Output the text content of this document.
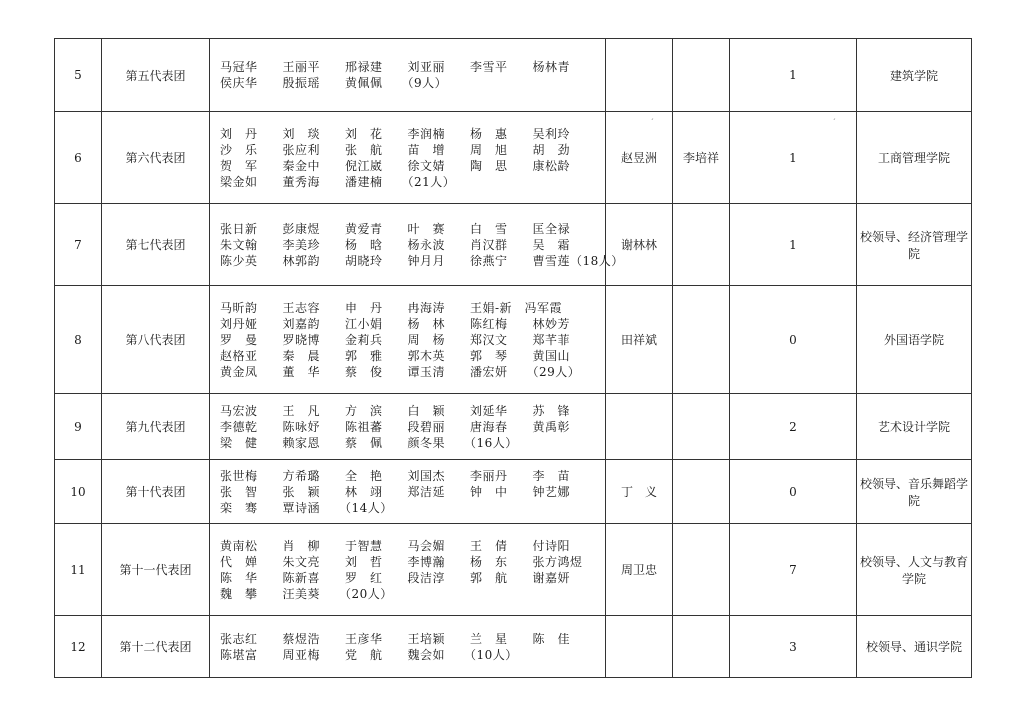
5	第五代表团	马冠华　　王丽平　　邢禄建　　刘亚丽　　李雪平　　杨林青
侯庆华　　殷振瑶　　黄佩佩　　（9人）			1	建筑学院
6	第六代表团	刘　丹　　刘　琰　　刘　花　　李润楠　　杨　惠　　吴利玲
沙　乐　　张应利　　张　航　　苗　增　　周　旭　　胡　劲
贺　军　　秦金中　　倪江崴　　徐文婧　　陶　思　　康松龄
梁金如　　董秀海　　潘建楠　　（21人）	赵昱洲	李培祥	1	工商管理学院
7	第七代表团	张日新　　彭康煜　　黄爱青　　叶　赛　　白　雪　　匡全禄
朱文翰　　李美珍　　杨　晗　　杨永波　　肖汉群　　吴　霜
陈少英　　林郭韵　　胡晓玲　　钟月月　　徐燕宁　　曹雪莲（18人）	谢林林		1	校领导、经济管理学院
8	第八代表团	马昕韵　　王志容　　申　丹　　冉海涛　　王娟-新　冯军霞
刘丹娅　　刘嘉韵　　江小娟　　杨　林　　陈红梅　　林妙芳
罗　曼　　罗晓博　　金莉兵　　周　杨　　郑汉文　　郑芊菲
赵格亚　　秦　晨　　郭　雅　　郭木英　　郭　琴　　黄国山
黄金凤　　董　华　　蔡　俊　　谭玉清　　潘宏妍　　（29人）	田祥斌		0	外国语学院
9	第九代表团	马宏波　　王　凡　　方　滨　　白　颖　　刘延华　　苏　锋
李德乾　　陈咏妤　　陈祖蕃　　段碧丽　　唐海春　　黄禹彰
梁　健　　赖家恩　　蔡　佩　　颜冬果　　（16人）			2	艺术设计学院
10	第十代表团	张世梅　　方希璐　　全　艳　　刘国杰　　李丽丹　　李　苗
张　智　　张　颖　　林　翊　　郑洁延　　钟　中　　钟艺娜
栾　骞　　覃诗涵　　（14人）	丁　义		0	校领导、音乐舞蹈学院
11	第十一代表团	黄南松　　肖　柳　　于智慧　　马会媚　　王　倩　　付诗阳
代　婵　　朱文亮　　刘　哲　　李博瀚　　杨　东　　张方鸿煜
陈　华　　陈新喜　　罗　红　　段洁淳　　郭　航　　谢嘉妍
魏　攀　　汪美葵　　（20人）	周卫忠		7	校领导、人文与教育学院
12	第十二代表团	张志红　　蔡煜浩　　王彦华　　王培颖　　兰　星　　陈　佳
陈堪富　　周亚梅　　党　航　　魏会如　　（10人）			3	校领导、通识学院
ˊ	ˊ
